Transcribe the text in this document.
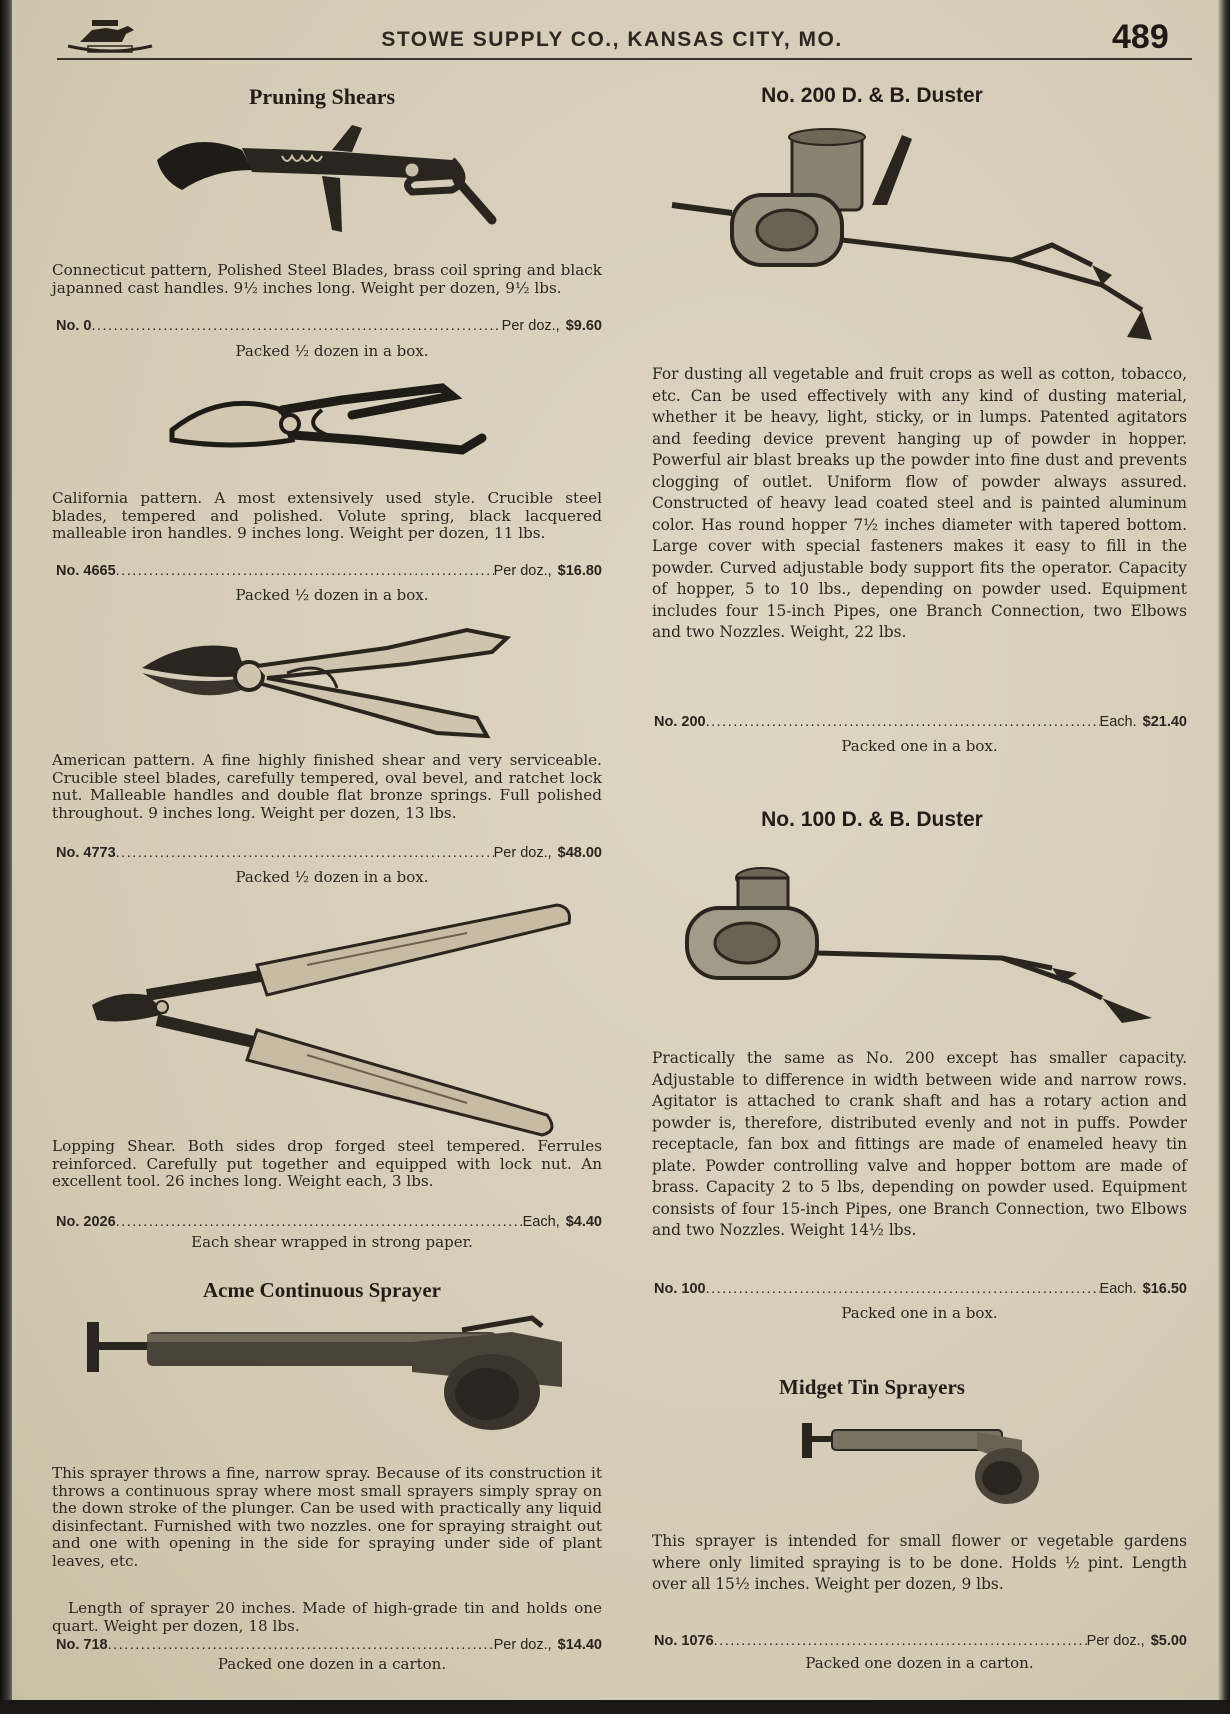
STOWE SUPPLY CO., KANSAS CITY, MO.	489
Pruning Shears
Connecticut pattern, Polished Steel Blades, brass coil spring and black japanned cast handles. 9½ inches long. Weight per dozen, 9½ lbs.
No. 0 .....	Per doz., $9.60
Packed ½ dozen in a box.
California pattern. A most extensively used style. Crucible steel blades, tempered and polished. Volute spring, black lacquered malleable iron handles. 9 inches long. Weight per dozen, 11 lbs.
No. 4665 .....	Per doz., $16.80
Packed ½ dozen in a box.
American pattern. A fine highly finished shear and very serviceable. Crucible steel blades, carefully tempered, oval bevel, and ratchet lock nut. Malleable handles and double flat bronze springs. Full polished throughout. 9 inches long. Weight per dozen, 13 lbs.
No. 4773 .....	Per doz., $48.00
Packed ½ dozen in a box.
Lopping Shear. Both sides drop forged steel tempered. Ferrules reinforced. Carefully put together and equipped with lock nut. An excellent tool. 26 inches long. Weight each, 3 lbs.
No. 2026 .....	Each, $4.40
Each shear wrapped in strong paper.
Acme Continuous Sprayer
This sprayer throws a fine, narrow spray. Because of its construction it throws a continuous spray where most small sprayers simply spray on the down stroke of the plunger. Can be used with practically any liquid disinfectant. Furnished with two nozzles. one for spraying straight out and one with opening in the side for spraying under side of plant leaves, etc.
Length of sprayer 20 inches. Made of high-grade tin and holds one quart. Weight per dozen, 18 lbs.
No. 718 .....	Per doz., $14.40
Packed one dozen in a carton.
No. 200 D. & B. Duster
For dusting all vegetable and fruit crops as well as cotton, tobacco, etc. Can be used effectively with any kind of dusting material, whether it be heavy, light, sticky, or in lumps. Patented agitators and feeding device prevent hanging up of powder in hopper. Powerful air blast breaks up the powder into fine dust and prevents clogging of outlet. Uniform flow of powder always assured. Constructed of heavy lead coated steel and is painted aluminum color. Has round hopper 7½ inches diameter with tapered bottom. Large cover with special fasteners makes it easy to fill in the powder. Curved adjustable body support fits the operator. Capacity of hopper, 5 to 10 lbs., depending on powder used. Equipment includes four 15-inch Pipes, one Branch Connection, two Elbows and two Nozzles. Weight, 22 lbs.
No. 200 .....	Each. $21.40
Packed one in a box.
No. 100 D. & B. Duster
Practically the same as No. 200 except has smaller capacity. Adjustable to difference in width between wide and narrow rows. Agitator is attached to crank shaft and has a rotary action and powder is, therefore, distributed evenly and not in puffs. Powder receptacle, fan box and fittings are made of enameled heavy tin plate. Powder controlling valve and hopper bottom are made of brass. Capacity 2 to 5 lbs, depending on powder used. Equipment consists of four 15-inch Pipes, one Branch Connection, two Elbows and two Nozzles. Weight 14½ lbs.
No. 100 .....	Each. $16.50
Packed one in a box.
Midget Tin Sprayers
This sprayer is intended for small flower or vegetable gardens where only limited spraying is to be done. Holds ½ pint. Length over all 15½ inches. Weight per dozen, 9 lbs.
No. 1076 .....	Per doz., $5.00
Packed one dozen in a carton.
